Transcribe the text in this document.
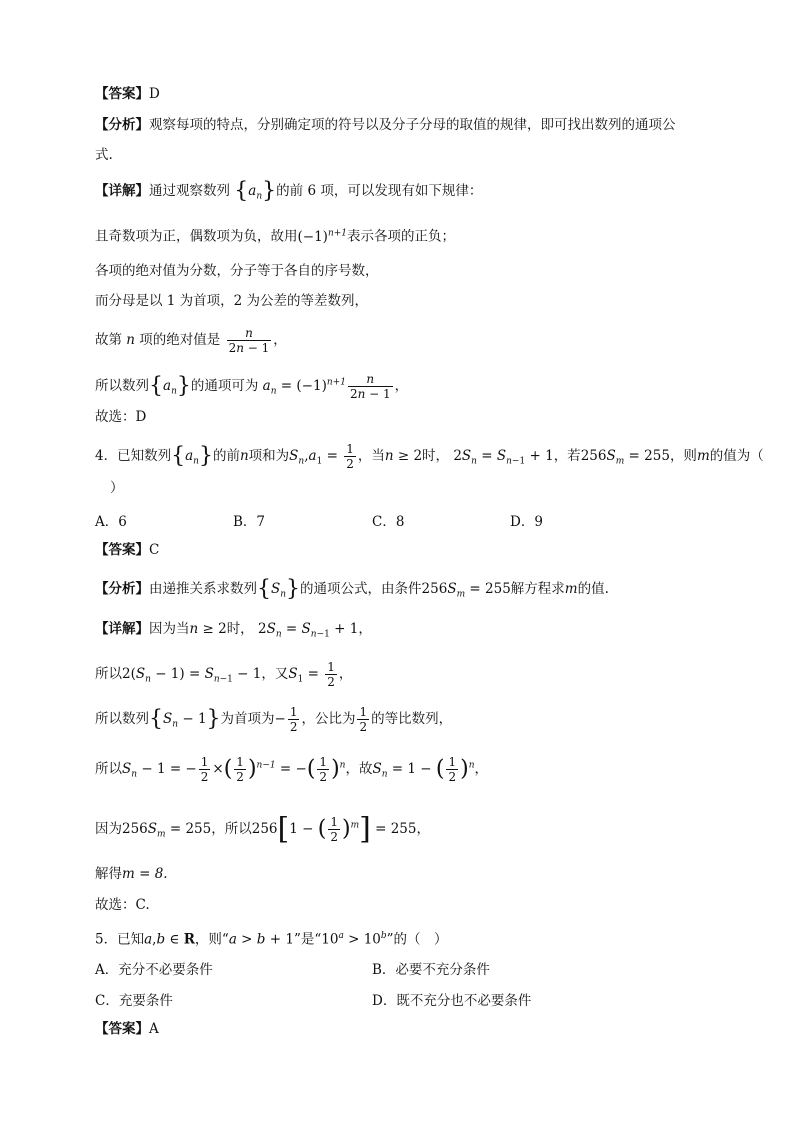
【答案】D
【分析】观察每项的特点，分别确定项的符号以及分子分母的取值的规律，即可找出数列的通项公
式.
【详解】通过观察数列 $\{a_n\}$的前 6 项，可以发现有如下规律：
且奇数项为正，偶数项为负，故用$(-1)^{n+1}$表示各项的正负；
各项的绝对值为分数，分子等于各自的序号数，
而分母是以 1 为首项，2 为公差的等差数列，
故第 n 项的绝对值是 $\frac{n}{2n - 1}$ ，
所以数列$\{a_n\}$的通项可为 $a_n = (-1)^{n+1} \frac{n}{2n - 1}$ ，
故选：D
4．已知数列$\{a_n\}$的前n项和为$S_n,a_1 = \frac{1}{2}$ ，当n ≥ 2时， $2S_n = S_{n-1} + 1$，若$256S_m = 255$，则m的值为（
）
A．6	B．7	C．8	D．9
【答案】C
【分析】由递推关系求数列$\{S_n\}$的通项公式，由条件$256S_m = 255$解方程求m的值.
【详解】因为当n ≥ 2时， $2S_n = S_{n-1} + 1$，
所以$2(S_n - 1) = S_{n-1} - 1$，又$S_1 = \frac{1}{2}$ ，
所以数列$\{S_n - 1\}$为首项为− $\frac{1}{2}$ ，公比为 $\frac{1}{2}$ 的等比数列，
所以$S_n - 1$ = − $\frac{1}{2}$ ×( $\frac{1}{2} )^{n-1}$ = −( $\frac{1}{2} )^n$，故$S_n = 1$ − ( $\frac{1}{2} )^n$，
因为$256S_m = 255$，所以256[1 − ( $\frac{1}{2} )^m] = 255$，
解得m = 8.
故选：C.
5．已知a,b ∈ R，则“a > b + 1”是“$10^a > 10^b$”的（　）
A．充分不必要条件	B．必要不充分条件
C．充要条件	D．既不充分也不必要条件
【答案】A
